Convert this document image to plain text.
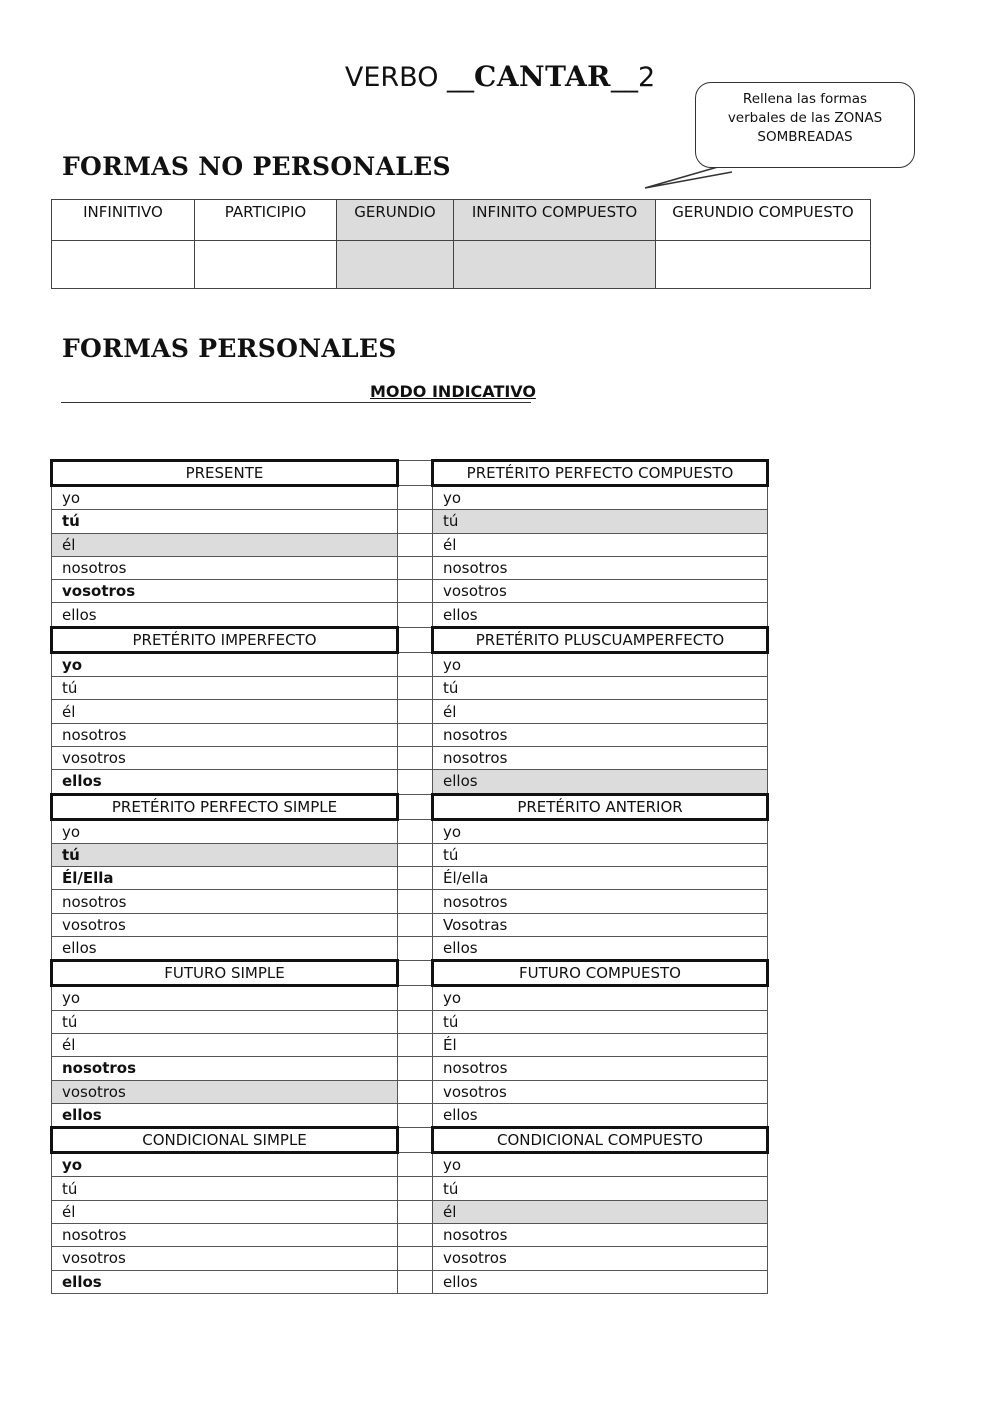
VERBO __CANTAR__2
Rellena las formas
verbales de las ZONAS
SOMBREADAS
FORMAS NO PERSONALES
INFINITIVO	PARTICIPIO	GERUNDIO	INFINITO COMPUESTO	GERUNDIO COMPUESTO

FORMAS PERSONALES
MODO INDICATIVO
PRESENTE		PRETÉRITO PERFECTO COMPUESTO
yo		yo
tú		tú
él		él
nosotros		nosotros
vosotros		vosotros
ellos		ellos
PRETÉRITO IMPERFECTO		PRETÉRITO PLUSCUAMPERFECTO
yo		yo
tú		tú
él		él
nosotros		nosotros
vosotros		nosotros
ellos		ellos
PRETÉRITO PERFECTO SIMPLE		PRETÉRITO ANTERIOR
yo		yo
tú		tú
Él/Ella		Él/ella
nosotros		nosotros
vosotros		Vosotras
ellos		ellos
FUTURO SIMPLE		FUTURO COMPUESTO
yo		yo
tú		tú
él		Él
nosotros		nosotros
vosotros		vosotros
ellos		ellos
CONDICIONAL SIMPLE		CONDICIONAL COMPUESTO
yo		yo
tú		tú
él		él
nosotros		nosotros
vosotros		vosotros
ellos		ellos
